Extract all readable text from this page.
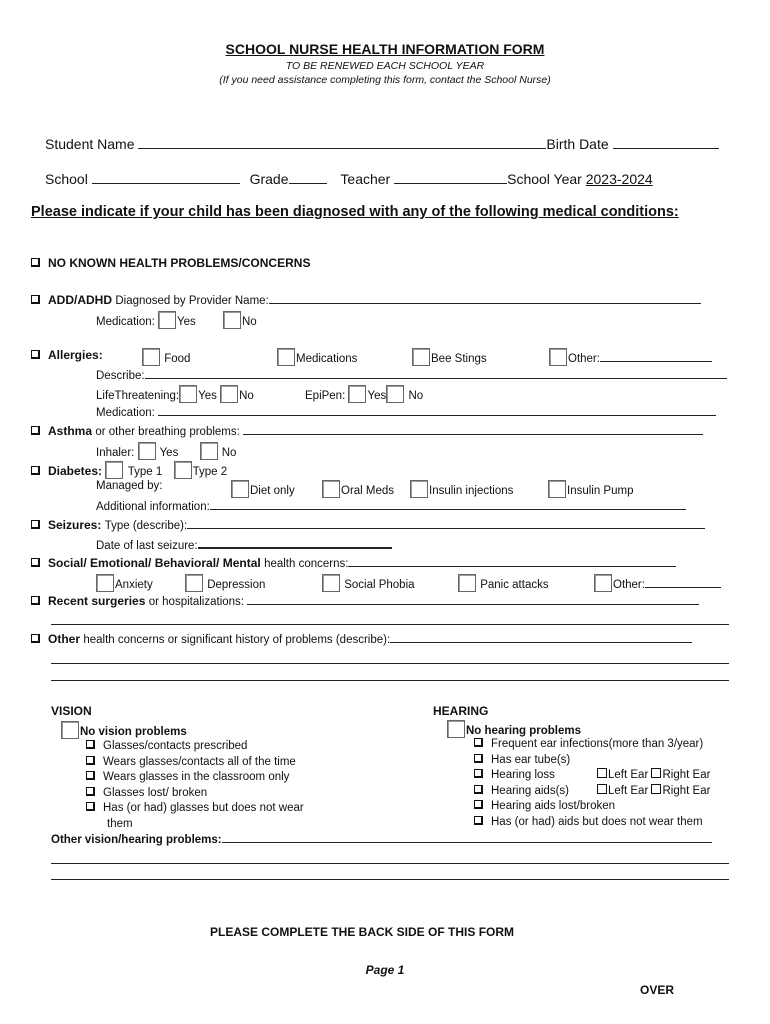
SCHOOL NURSE HEALTH INFORMATION FORM
TO BE RENEWED EACH SCHOOL YEAR
(If you need assistance completing this form, contact the School Nurse)
Student Name	Birth Date
School	Grade	Teacher	School Year 2023-2024
Please indicate if your child has been diagnosed with any of the following medical conditions:
NO KNOWN HEALTH PROBLEMS/CONCERNS
ADD/ADHD Diagnosed by Provider Name:
Medication: Yes	No
Allergies:	Food	Medications	Bee Stings	Other:
Describe:
LifeThreatening: Yes No	EpiPen: Yes No
Medication:
Asthma or other breathing problems:
Inhaler: Yes	No
Diabetes: Type 1	Type 2
Managed by:	Diet only	Oral Meds	Insulin injections	Insulin Pump
Additional information:
Seizures: Type (describe):
Date of last seizure:
Social/ Emotional/ Behavioral/ Mental health concerns:
Anxiety	Depression	Social Phobia	Panic attacks	Other:
Recent surgeries or hospitalizations:
Other health concerns or significant history of problems (describe):
VISION
No vision problems
Glasses/contacts prescribed
Wears glasses/contacts all of the time
Wears glasses in the classroom only
Glasses lost/ broken
Has (or had) glasses but does not wear
them
HEARING
No hearing problems
Frequent ear infections(more than 3/year)
Has ear tube(s)
Hearing loss	Left Ear Right Ear
Hearing aids(s)	Left Ear Right Ear
Hearing aids lost/broken
Has (or had) aids but does not wear them
Other vision/hearing problems:
PLEASE COMPLETE THE BACK SIDE OF THIS FORM
Page 1
OVER
